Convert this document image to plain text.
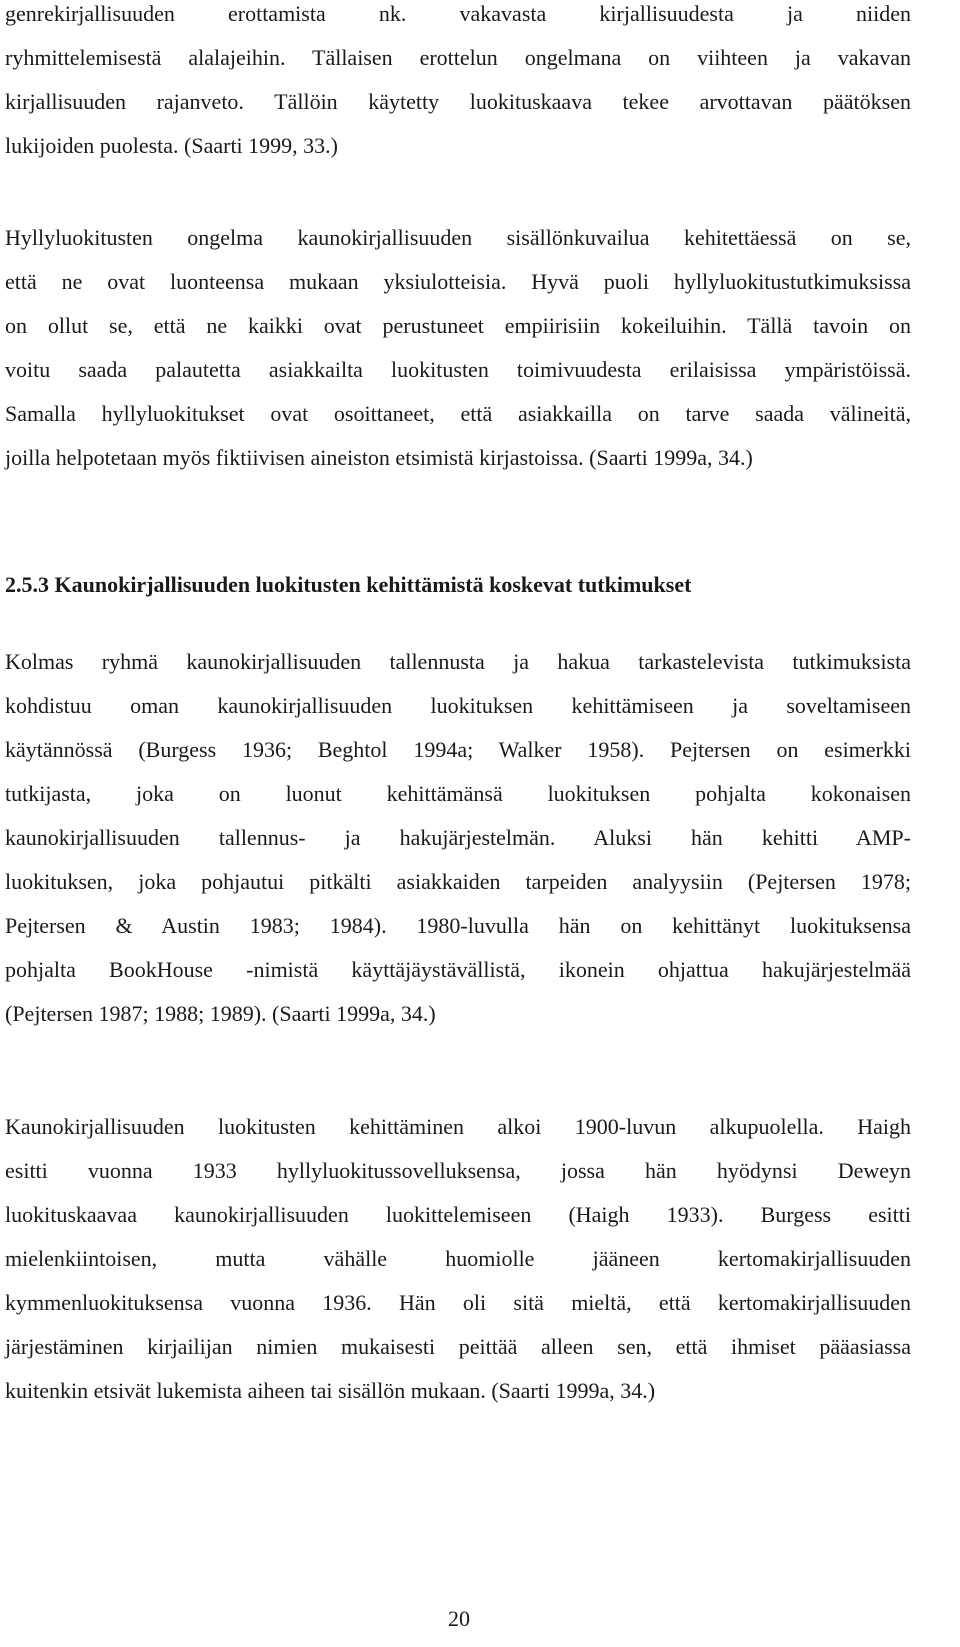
genrekirjallisuuden erottamista nk. vakavasta kirjallisuudesta ja niiden
ryhmittelemisestä alalajeihin. Tällaisen erottelun ongelmana on viihteen ja vakavan
kirjallisuuden rajanveto. Tällöin käytetty luokituskaava tekee arvottavan päätöksen
lukijoiden puolesta. (Saarti 1999, 33.)
Hyllyluokitusten ongelma kaunokirjallisuuden sisällönkuvailua kehitettäessä on se,
että ne ovat luonteensa mukaan yksiulotteisia. Hyvä puoli hyllyluokitustutkimuksissa
on ollut se, että ne kaikki ovat perustuneet empiirisiin kokeiluihin. Tällä tavoin on
voitu saada palautetta asiakkailta luokitusten toimivuudesta erilaisissa ympäristöissä.
Samalla hyllyluokitukset ovat osoittaneet, että asiakkailla on tarve saada välineitä,
joilla helpotetaan myös fiktiivisen aineiston etsimistä kirjastoissa. (Saarti 1999a, 34.)
2.5.3 Kaunokirjallisuuden luokitusten kehittämistä koskevat tutkimukset
Kolmas ryhmä kaunokirjallisuuden tallennusta ja hakua tarkastelevista tutkimuksista
kohdistuu oman kaunokirjallisuuden luokituksen kehittämiseen ja soveltamiseen
käytännössä (Burgess 1936; Beghtol 1994a; Walker 1958). Pejtersen on esimerkki
tutkijasta, joka on luonut kehittämänsä luokituksen pohjalta kokonaisen
kaunokirjallisuuden tallennus- ja hakujärjestelmän. Aluksi hän kehitti AMP-
luokituksen, joka pohjautui pitkälti asiakkaiden tarpeiden analyysiin (Pejtersen 1978;
Pejtersen & Austin 1983; 1984). 1980-luvulla hän on kehittänyt luokituksensa
pohjalta BookHouse -nimistä käyttäjäystävällistä, ikonein ohjattua hakujärjestelmää
(Pejtersen 1987; 1988; 1989). (Saarti 1999a, 34.)
Kaunokirjallisuuden luokitusten kehittäminen alkoi 1900-luvun alkupuolella. Haigh
esitti vuonna 1933 hyllyluokitussovelluksensa, jossa hän hyödynsi Deweyn
luokituskaavaa kaunokirjallisuuden luokittelemiseen (Haigh 1933). Burgess esitti
mielenkiintoisen, mutta vähälle huomiolle jääneen kertomakirjallisuuden
kymmenluokituksensa vuonna 1936. Hän oli sitä mieltä, että kertomakirjallisuuden
järjestäminen kirjailijan nimien mukaisesti peittää alleen sen, että ihmiset pääasiassa
kuitenkin etsivät lukemista aiheen tai sisällön mukaan. (Saarti 1999a, 34.)
20
